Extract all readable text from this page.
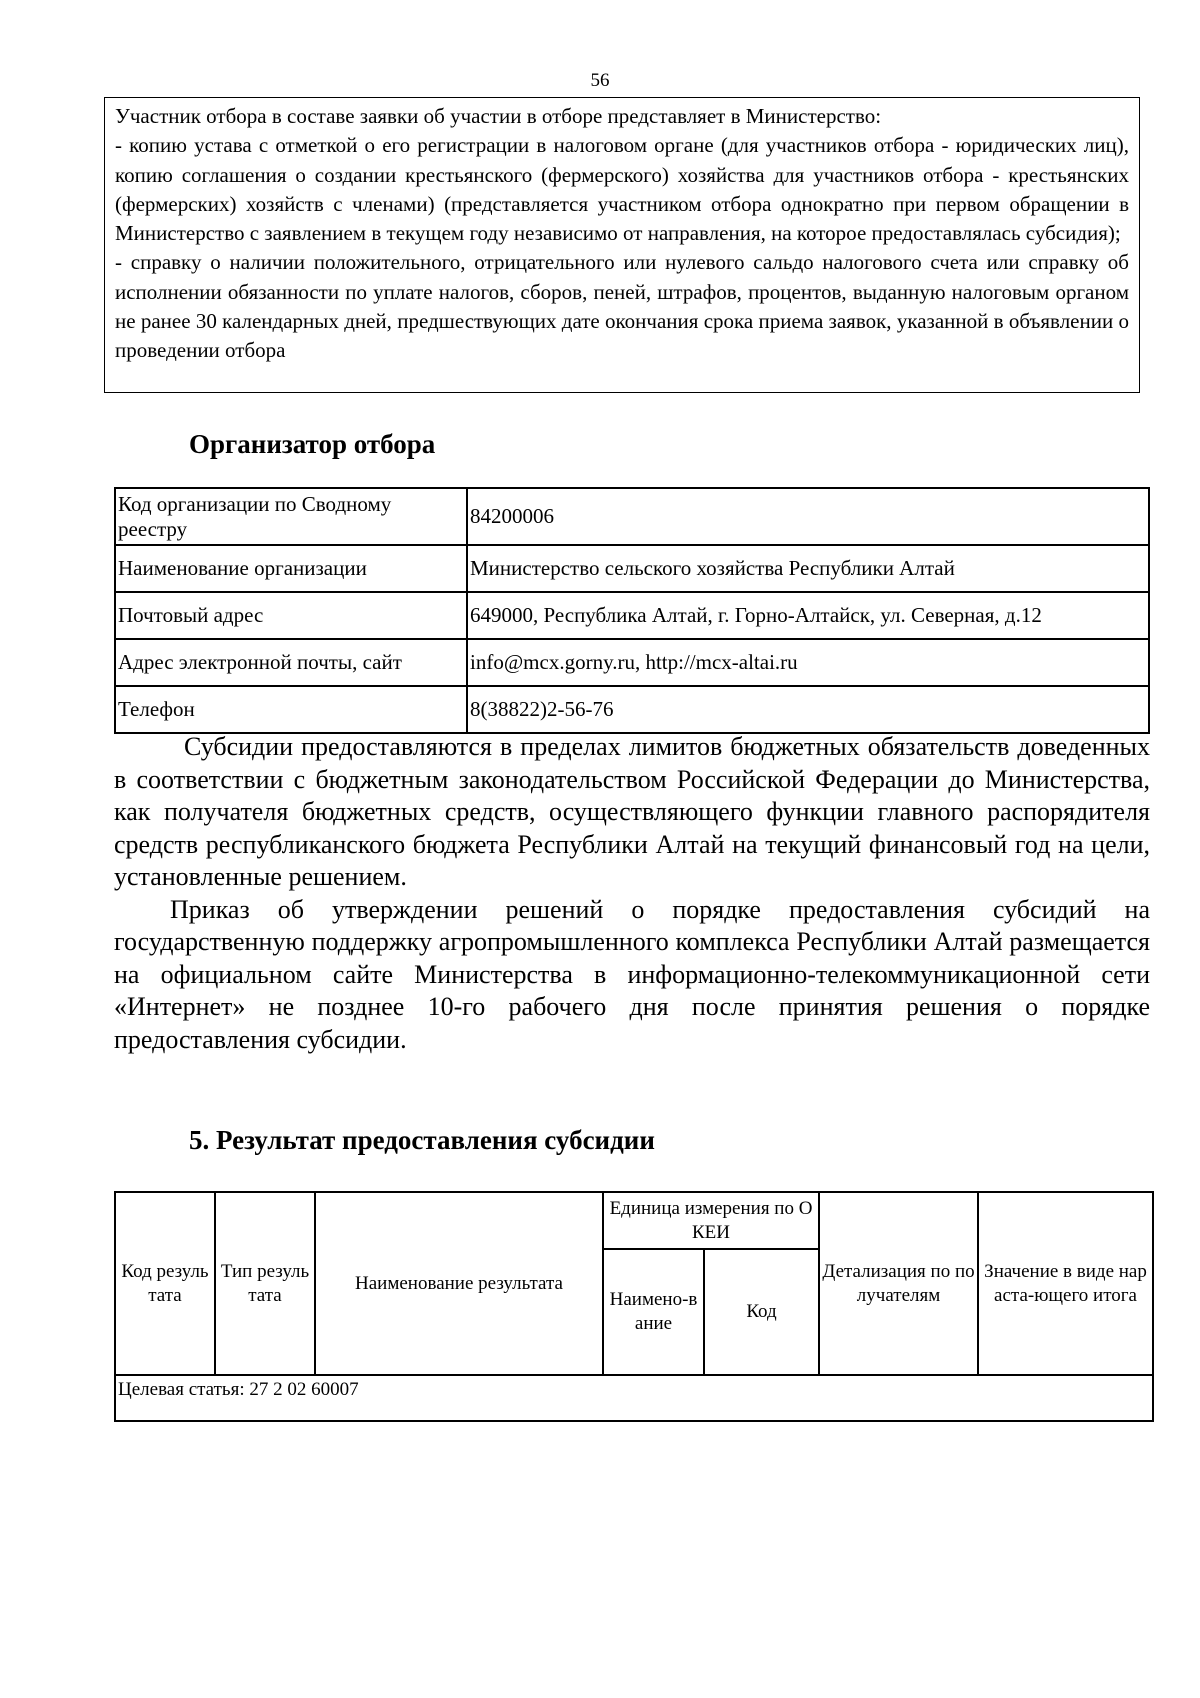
56

Участник отбора в составе заявки об участии в отборе представляет в Министерство:

- копию устава с отметкой о его регистрации в налоговом органе (для участников отбора - юридических лиц), копию соглашения о создании крестьянского (фермерского) хозяйства для участников отбора - крестьянских (фермерских) хозяйств с членами) (представляется участником отбора однократно при первом обращении в Министерство с заявлением в текущем году независимо от направления, на которое предоставлялась субсидия);

- справку о наличии положительного, отрицательного или нулевого сальдо налогового счета или справку об исполнении обязанности по уплате налогов, сборов, пеней, штрафов, процентов, выданную налоговым органом не ранее 30 календарных дней, предшествующих дате окончания срока приема заявок, указанной в объявлении о проведении отбора

Организатор отбора
Код организации по Сводному реестру	84200006
Наименование организации	Министерство сельского хозяйства Республики Алтай
Почтовый адрес	649000, Республика Алтай, г. Горно-Алтайск, ул. Северная, д.12
Адрес электронной почты, сайт	info@mcx.gorny.ru, http://mcx-altai.ru
Телефон	8(38822)2-56-76

Субсидии предоставляются в пределах лимитов бюджетных обязательств доведенных в соответствии с бюджетным законодательством Российской Федерации до Министерства, как получателя бюджетных средств, осуществляющего функции главного распорядителя средств республиканского бюджета Республики Алтай на текущий финансовый год на цели, установленные решением.

Приказ об утверждении решений о порядке предоставления субсидий на государственную поддержку агропромышленного комплекса Республики Алтай размещается на официальном сайте Министерства в информационно-телекоммуникационной сети «Интернет» не позднее 10-го рабочего дня после принятия решения о порядке предоставления субсидии.

5. Результат предоставления субсидии
Код результата	Тип результата	Наименование результата	Единица измерения по ОКЕИ		Детализация по получателям	Значение в виде нараста-ющего итога
			Наимено-вание	Код		
Целевая статья: 27 2 02 60007						
